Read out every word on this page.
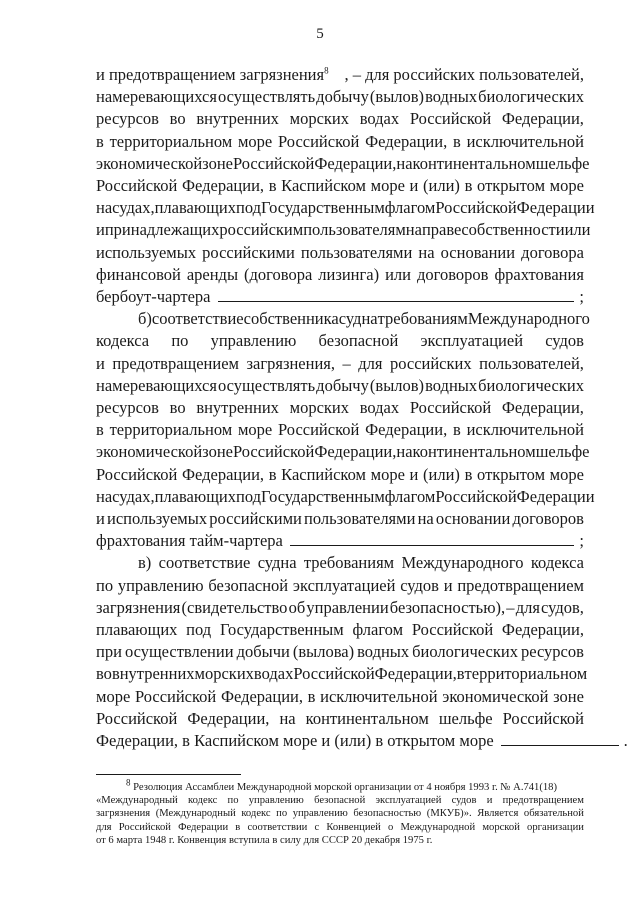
5
и предотвращением загрязнения$^8$ , – для российских пользователей,
намеревающихся осуществлять добычу (вылов) водных биологических
ресурсов во внутренних морских водах Российской Федерации,
в территориальном море Российской Федерации, в исключительной
экономической зоне Российской Федерации, на континентальном шельфе
Российской Федерации, в Каспийском море и (или) в открытом море
на судах, плавающих под Государственным флагом Российской Федерации
и принадлежащих российским пользователям на праве собственности или
используемых российскими пользователями на основании договора
финансовой аренды (договора лизинга) или договоров фрахтования
бербоут-чартера	;
б) соответствие собственника судна требованиям Международного
кодекса по управлению безопасной эксплуатацией судов
и предотвращением загрязнения, – для российских пользователей,
намеревающихся осуществлять добычу (вылов) водных биологических
ресурсов во внутренних морских водах Российской Федерации,
в территориальном море Российской Федерации, в исключительной
экономической зоне Российской Федерации, на континентальном шельфе
Российской Федерации, в Каспийском море и (или) в открытом море
на судах, плавающих под Государственным флагом Российской Федерации
и используемых российскими пользователями на основании договоров
фрахтования тайм-чартера	;
в) соответствие судна требованиям Международного кодекса
по управлению безопасной эксплуатацией судов и предотвращением
загрязнения (свидетельство об управлении безопасностью), – для судов,
плавающих под Государственным флагом Российской Федерации,
при осуществлении добычи (вылова) водных биологических ресурсов
во внутренних морских водах Российской Федерации, в территориальном
море Российской Федерации, в исключительной экономической зоне
Российской Федерации, на континентальном шельфе Российской
Федерации, в Каспийском море и (или) в открытом море	.
$^8$ Резолюция Ассамблеи Международной морской организации от 4 ноября 1993 г. № A.741(18)
«Международный кодекс по управлению безопасной эксплуатацией судов и предотвращением
загрязнения (Международный кодекс по управлению безопасностью (МКУБ)». Является обязательной
для Российской Федерации в соответствии с Конвенцией о Международной морской организации
от 6 марта 1948 г. Конвенция вступила в силу для СССР 20 декабря 1975 г.
